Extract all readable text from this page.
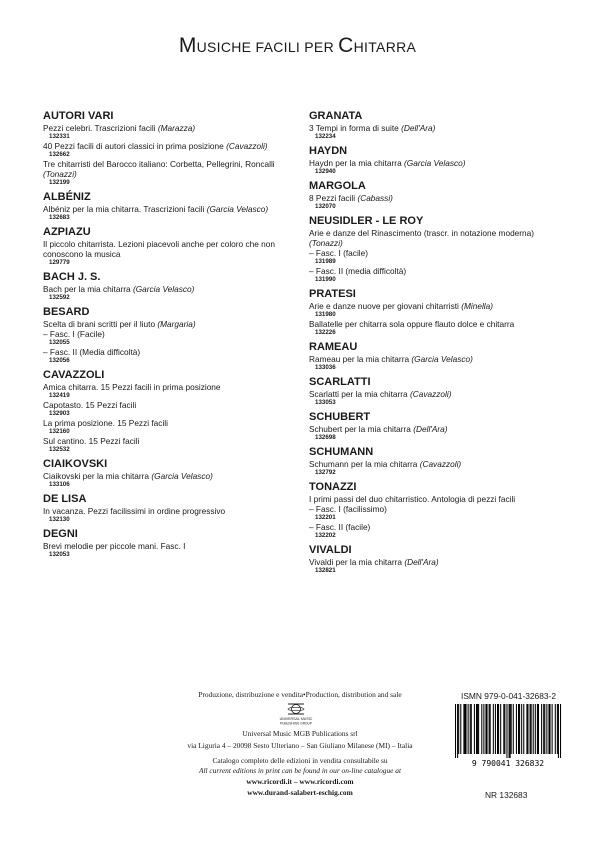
MUSICHE FACILI PER CHITARRA
AUTORI VARI
Pezzi celebri. Trascrizioni facili (Marazza)
132331
40 Pezzi facili di autori classici in prima posizione (Cavazzoli)
132662
Tre chitarristi del Barocco italiano: Corbetta, Pellegrini, Roncalli (Tonazzi)
132199
ALBÉNIZ
Albéniz per la mia chitarra. Trascrizioni facili (Garcia Velasco)
132683
AZPIAZU
Il piccolo chitarrista. Lezioni piacevoli anche per coloro che non conoscono la musica
129779
BACH J. S.
Bach per la mia chitarra (Garcia Velasco)
132592
BESARD
Scelta di brani scritti per il liuto (Margaria)
– Fasc. I (Facile)
132055
– Fasc. II (Media difficoltà)
132056
CAVAZZOLI
Amica chitarra. 15 Pezzi facili in prima posizione
132419
Capotasto. 15 Pezzi facili
132903
La prima posizione. 15 Pezzi facili
132160
Sul cantino. 15 Pezzi facili
132532
CIAIKOVSKI
Ciaikovski per la mia chitarra (Garcia Velasco)
133106
DE LISA
In vacanza. Pezzi facilissimi in ordine progressivo
132130
DEGNI
Brevi melodie per piccole mani. Fasc. I
132053
GRANATA
3 Tempi in forma di suite (Dell'Ara)
132234
HAYDN
Haydn per la mia chitarra (Garcia Velasco)
132940
MARGOLA
8 Pezzi facili (Cabassi)
132070
NEUSIDLER - LE ROY
Arie e danze del Rinascimento (trascr. in notazione moderna) (Tonazzi)
– Fasc. I (facile)
131989
– Fasc. II (media difficoltà)
131990
PRATESI
Arie e danze nuove per giovani chitarristi (Minella)
131980
Ballatelle per chitarra sola oppure flauto dolce e chitarra
132226
RAMEAU
Rameau per la mia chitarra (Garcia Velasco)
133036
SCARLATTI
Scarlatti per la mia chitarra (Cavazzoli)
133053
SCHUBERT
Schubert per la mia chitarra (Dell'Ara)
132698
SCHUMANN
Schumann per la mia chitarra (Cavazzoli)
132792
TONAZZI
I primi passi del duo chitarristico. Antologia di pezzi facili
– Fasc. I (facilissimo)
132201
– Fasc. II (facile)
132202
VIVALDI
Vivaldi per la mia chitarra (Dell'Ara)
132821
Produzione, distribuzione e vendita•Production, distribution and sale
UNIVERSAL MUSIC
PUBLISHING GROUP
Universal Music MGB Publications srl
via Liguria 4 – 20098 Sesto Ulteriano – San Giuliano Milanese (MI) – Italia
Catalogo completo delle edizioni in vendita consultabile su
All current editions in print can be found in our on-line catalogue at
www.ricordi.it – www.ricordi.com
www.durand-salabert-eschig.com
ISMN 979-0-041-32683-2
9 790041 326832
NR 132683
